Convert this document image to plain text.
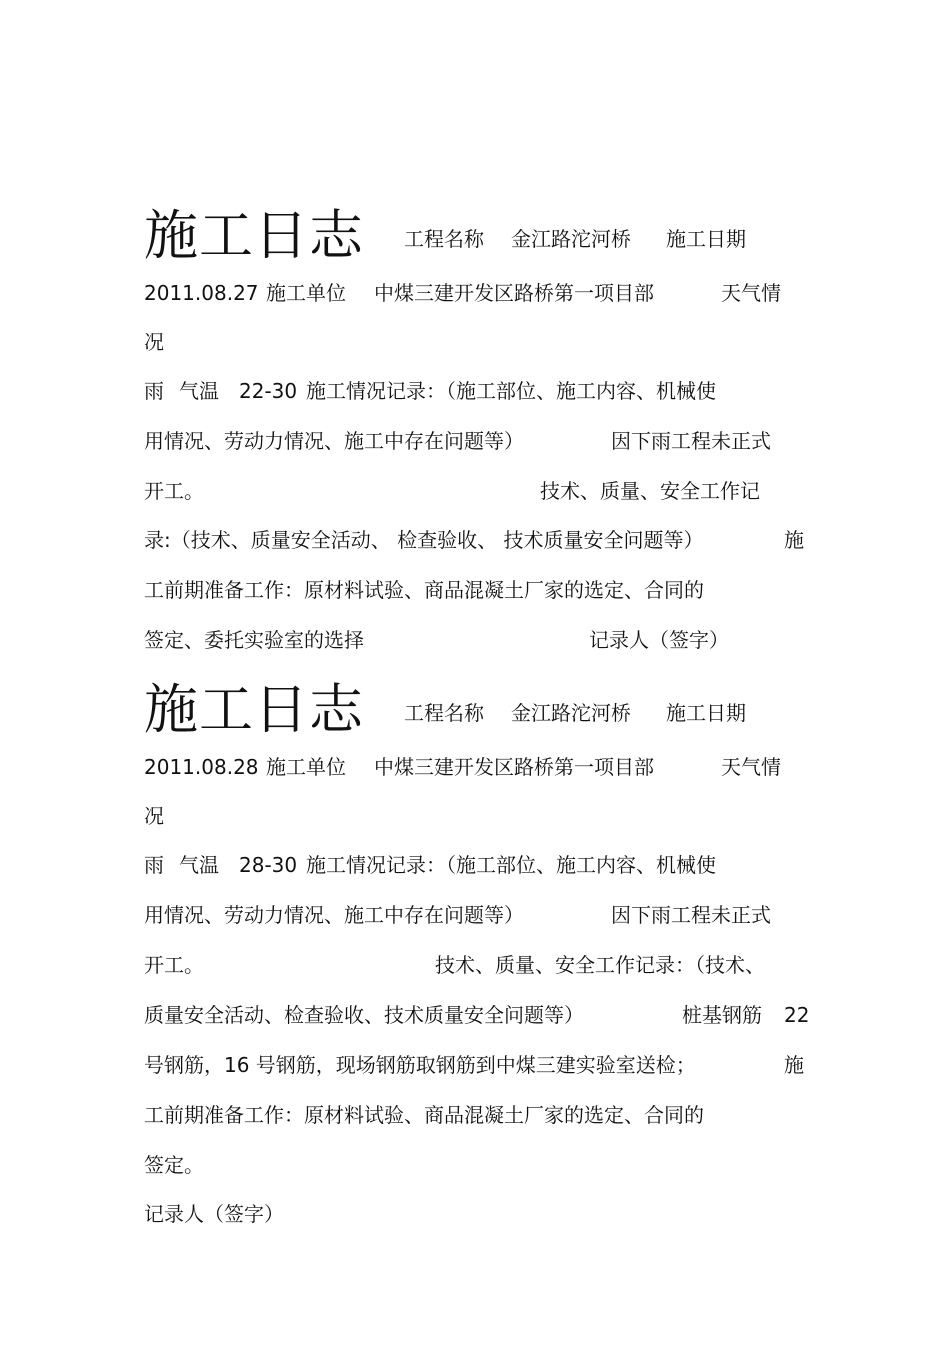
施工日志 工程名称 金江路沱河桥 施工日期
2011.08.27 施工单位 中煤三建开发区路桥第一项目部	天气情
况
雨 气温 22-30 施工情况记录：（施工部位、施工内容、机械使
用情况、劳动力情况、施工中存在问题等）	因下雨工程未正式
开工。	技术、质量、安全工作记
录:（技术、质量安全活动、 检查验收、 技术质量安全问题等）	施
工前期准备工作：原材料试验、商品混凝土厂家的选定、合同的
签定、委托实验室的选择	记录人（签字）
施工日志 工程名称 金江路沱河桥 施工日期
2011.08.28 施工单位 中煤三建开发区路桥第一项目部	天气情
况
雨 气温 28-30 施工情况记录：（施工部位、施工内容、机械使
用情况、劳动力情况、施工中存在问题等）	因下雨工程未正式
开工。	技术、质量、安全工作记录：（技术、
质量安全活动、检查验收、技术质量安全问题等）	桩基钢筋 22
号钢筋，16 号钢筋，现场钢筋取钢筋到中煤三建实验室送检；	施
工前期准备工作：原材料试验、商品混凝土厂家的选定、合同的
签定。
记录人（签字）
